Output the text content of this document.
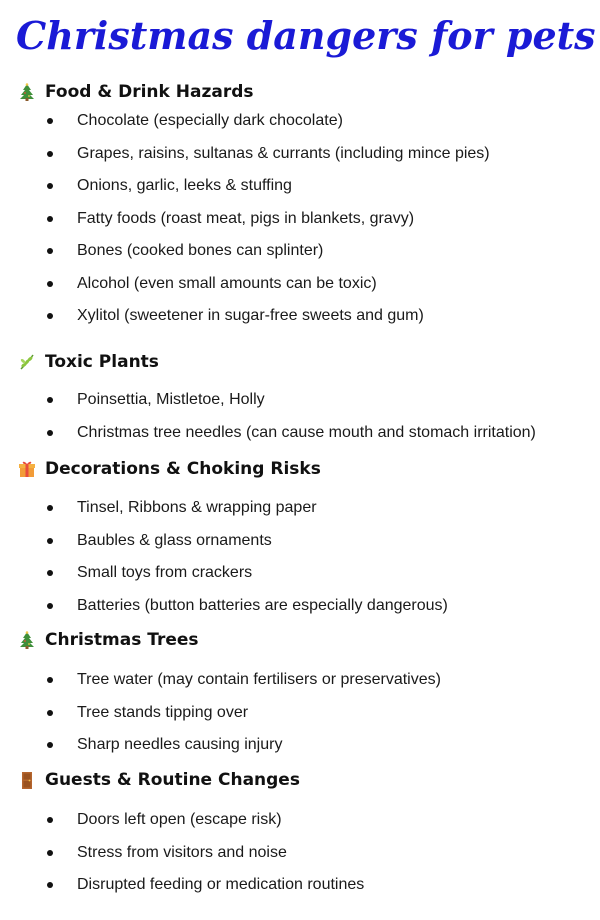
Christmas dangers for pets
Food & Drink Hazards
Chocolate (especially dark chocolate)
Grapes, raisins, sultanas & currants (including mince pies)
Onions, garlic, leeks & stuffing
Fatty foods (roast meat, pigs in blankets, gravy)
Bones (cooked bones can splinter)
Alcohol (even small amounts can be toxic)
Xylitol (sweetener in sugar-free sweets and gum)
Toxic Plants
Poinsettia, Mistletoe, Holly
Christmas tree needles (can cause mouth and stomach irritation)
Decorations & Choking Risks
Tinsel, Ribbons & wrapping paper
Baubles & glass ornaments
Small toys from crackers
Batteries (button batteries are especially dangerous)
Christmas Trees
Tree water (may contain fertilisers or preservatives)
Tree stands tipping over
Sharp needles causing injury
Guests & Routine Changes
Doors left open (escape risk)
Stress from visitors and noise
Disrupted feeding or medication routines
